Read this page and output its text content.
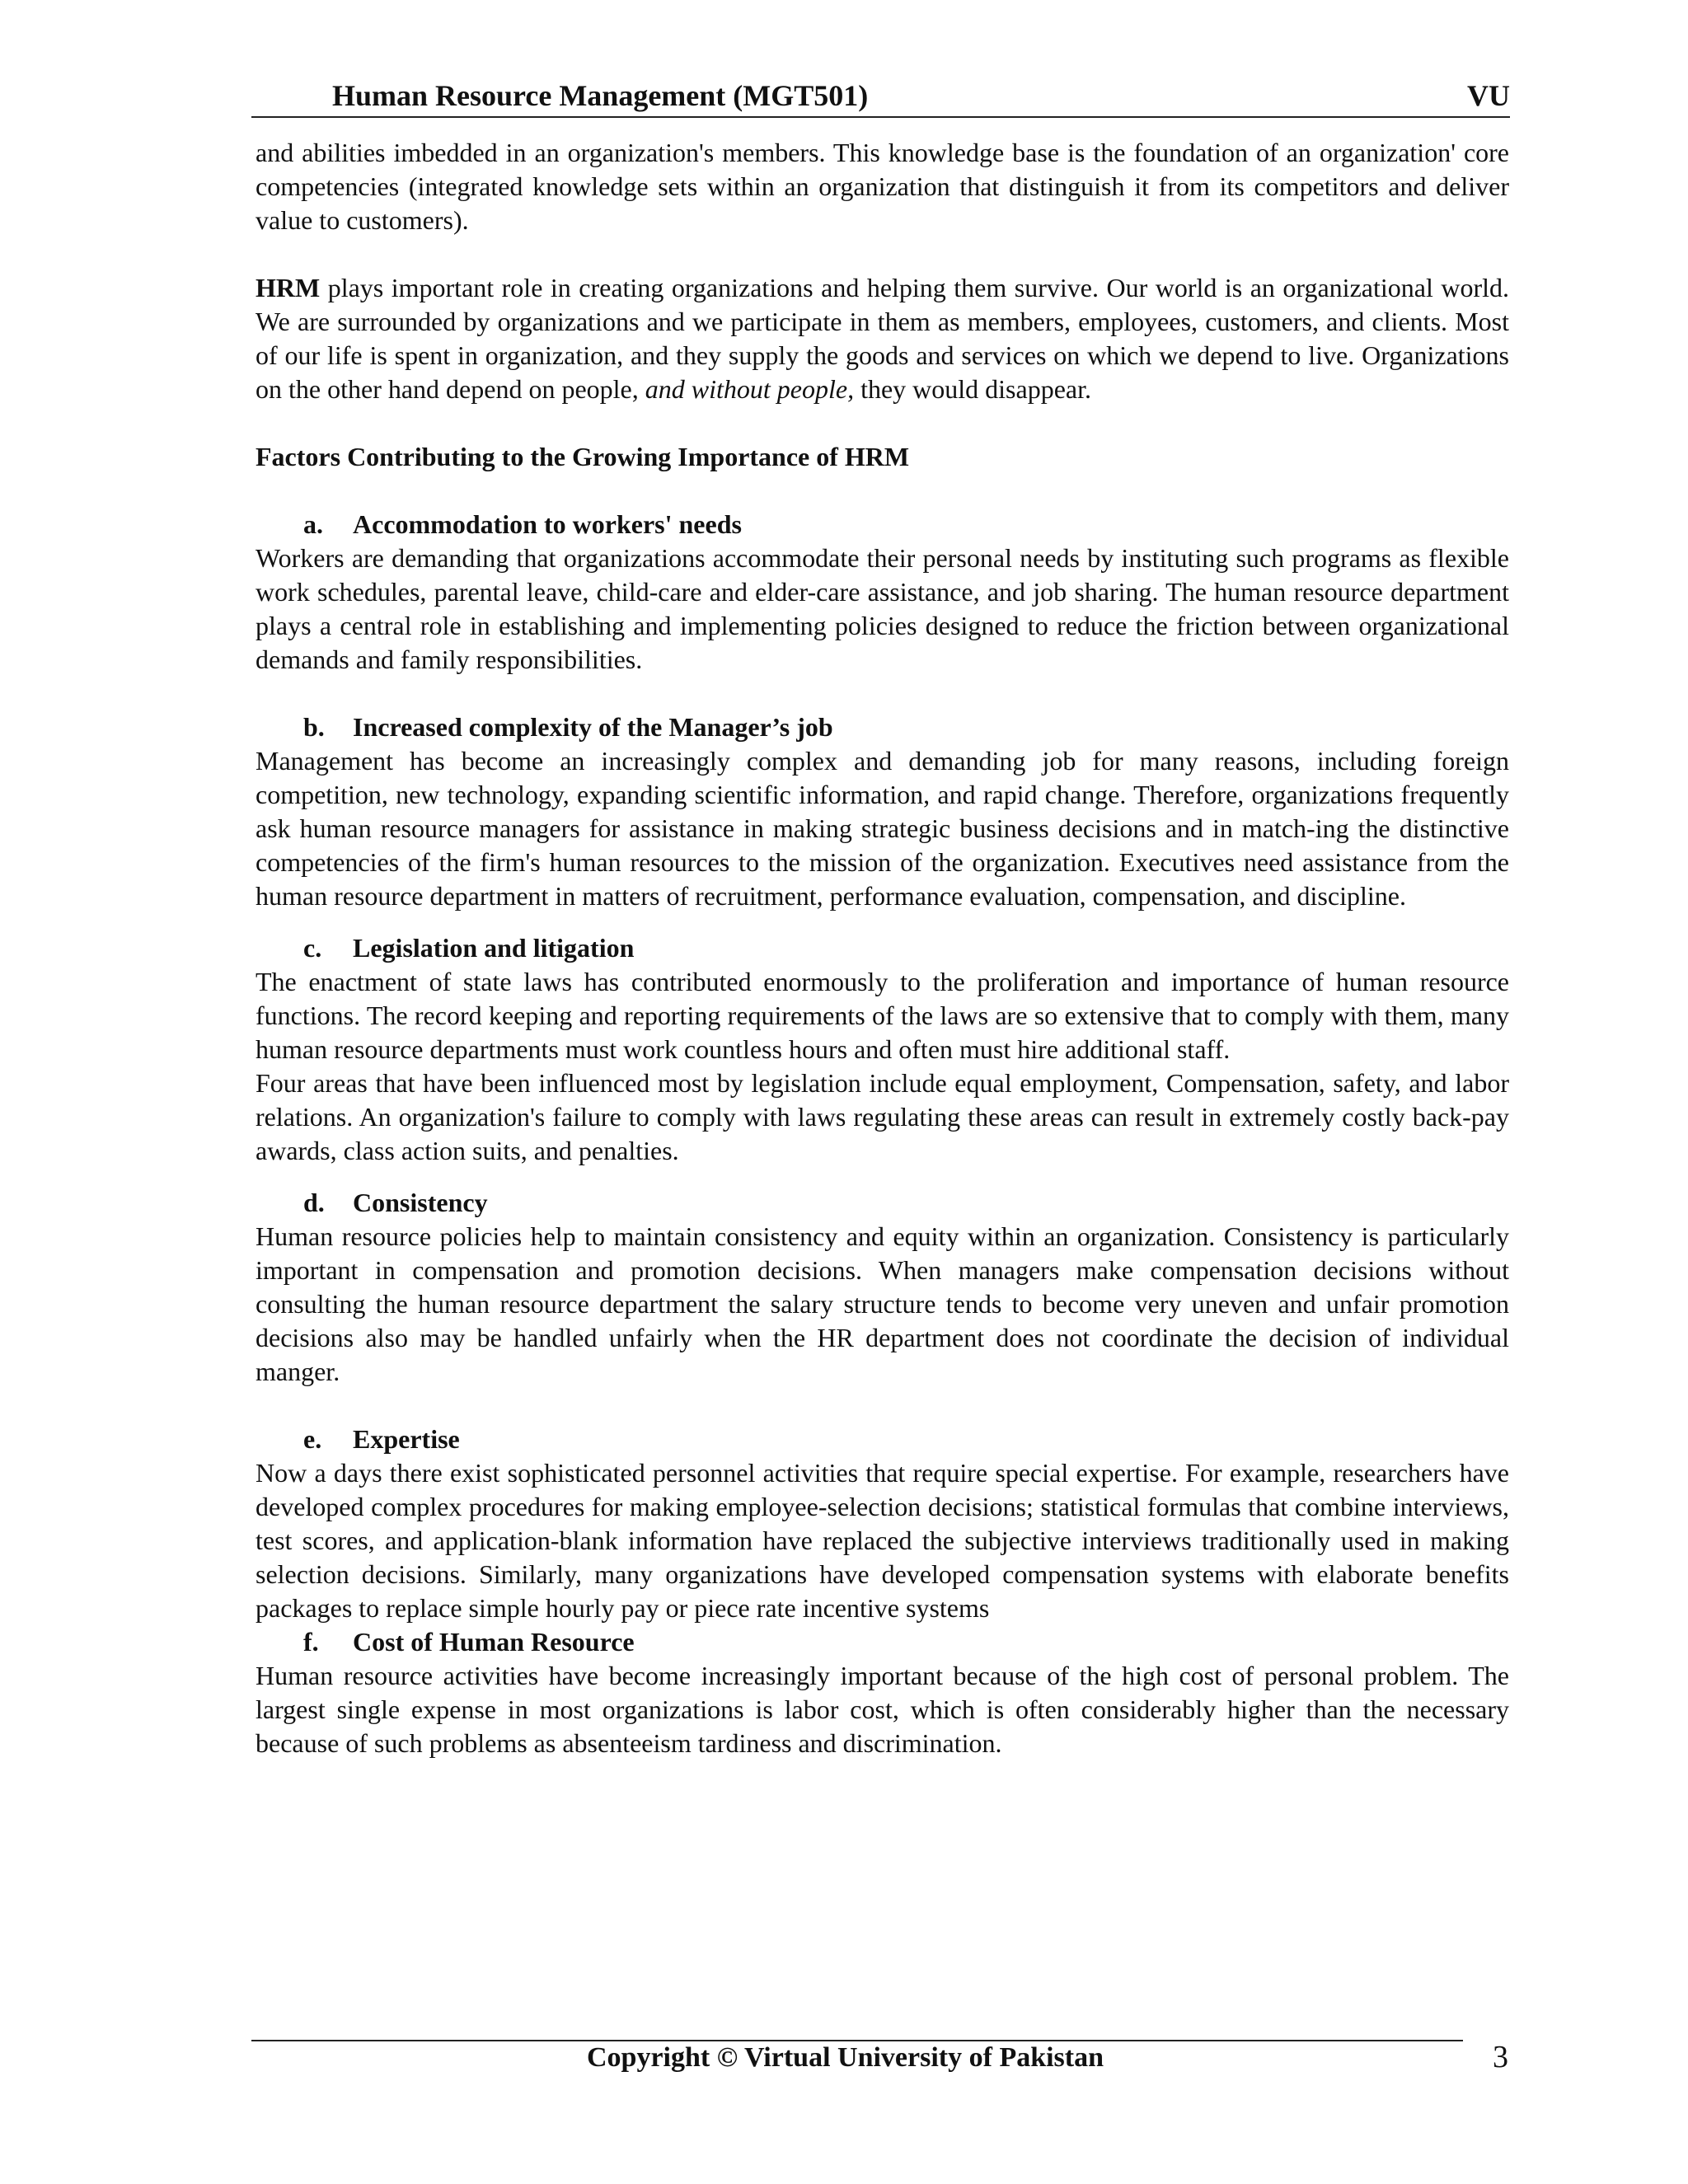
Human Resource Management (MGT501)	VU

and abilities imbedded in an organization's members. This knowledge base is the foundation of an organization' core competencies (integrated knowledge sets within an organization that distinguish it from its competitors and deliver value to customers).

HRM plays important role in creating organizations and helping them survive. Our world is an organizational world. We are surrounded by organizations and we participate in them as members, employees, customers, and clients. Most of our life is spent in organization, and they supply the goods and services on which we depend to live. Organizations on the other hand depend on people, and without people, they would disappear.

Factors Contributing to the Growing Importance of HRM

a. Accommodation to workers' needs

Workers are demanding that organizations accommodate their personal needs by instituting such programs as flexible work schedules, parental leave, child-care and elder-care assistance, and job sharing. The human resource department plays a central role in establishing and implementing policies designed to reduce the friction between organizational demands and family responsibilities.

b. Increased complexity of the Manager’s job

Management has become an increasingly complex and demanding job for many reasons, including foreign competition, new technology, expanding scientific information, and rapid change. Therefore, organizations frequently ask human resource managers for assistance in making strategic business decisions and in match-ing the distinctive competencies of the firm's human resources to the mission of the organization. Executives need assistance from the human resource department in matters of recruitment, performance evaluation, compensation, and discipline.

c. Legislation and litigation

The enactment of state laws has contributed enormously to the proliferation and importance of human resource functions. The record keeping and reporting requirements of the laws are so extensive that to comply with them, many human resource departments must work countless hours and often must hire additional staff.

Four areas that have been influenced most by legislation include equal employment, Compensation, safety, and labor relations. An organization's failure to comply with laws regulating these areas can result in extremely costly back-pay awards, class action suits, and penalties.

d. Consistency

Human resource policies help to maintain consistency and equity within an organization. Consistency is particularly important in compensation and promotion decisions. When managers make compensation decisions without consulting the human resource department the salary structure tends to become very uneven and unfair promotion decisions also may be handled unfairly when the HR department does not coordinate the decision of individual manger.

e. Expertise

Now a days there exist sophisticated personnel activities that require special expertise. For example, researchers have developed complex procedures for making employee-selection decisions; statistical formulas that combine interviews, test scores, and application-blank information have replaced the subjective interviews traditionally used in making selection decisions. Similarly, many organizations have developed compensation systems with elaborate benefits packages to replace simple hourly pay or piece rate incentive systems

f. Cost of Human Resource

Human resource activities have become increasingly important because of the high cost of personal problem. The largest single expense in most organizations is labor cost, which is often considerably higher than the necessary because of such problems as absenteeism tardiness and discrimination.

Copyright © Virtual University of Pakistan	3
